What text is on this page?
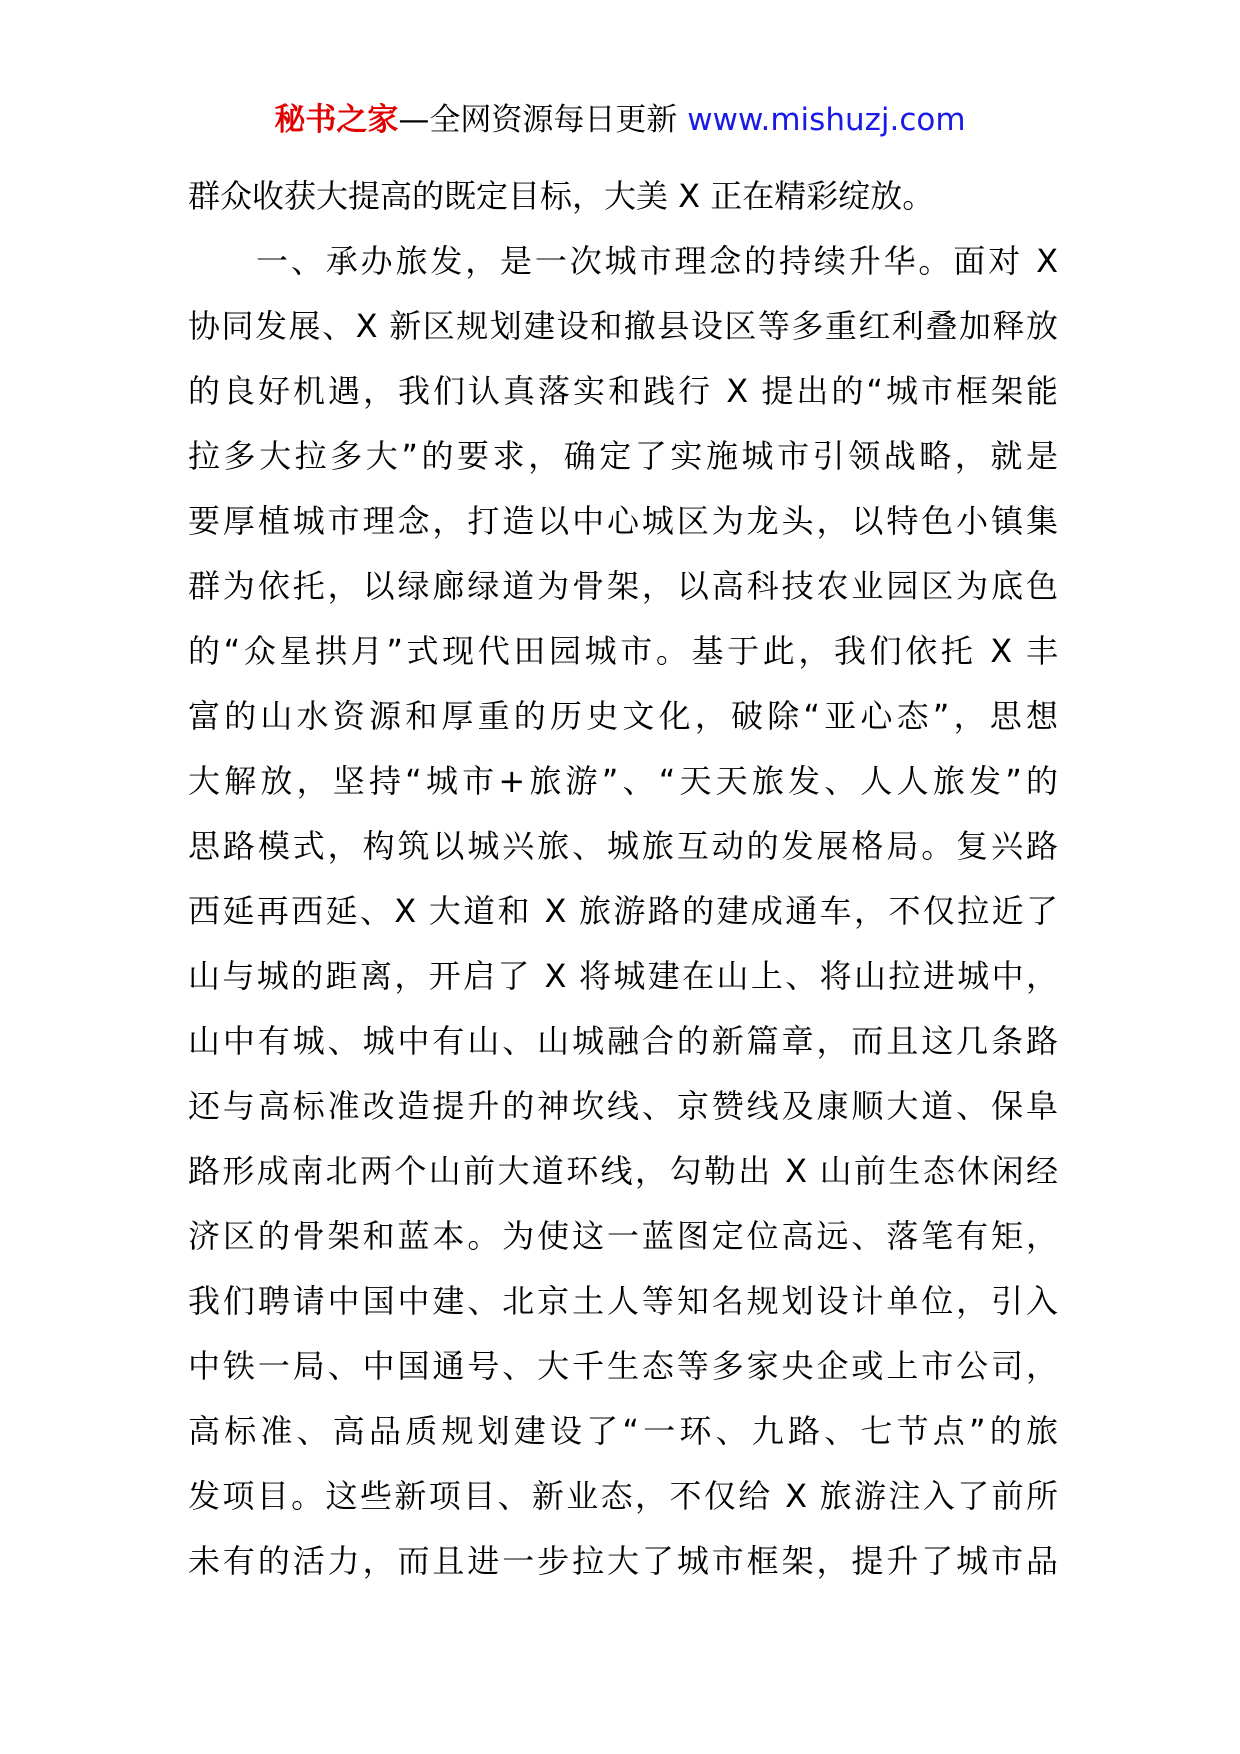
秘书之家—全网资源每日更新 www.mishuzj.com
群众收获大提高的既定目标，大美 X 正在精彩绽放。
一、承办旅发，是一次城市理念的持续升华。面对 X
协同发展、X 新区规划建设和撤县设区等多重红利叠加释放
的良好机遇，我们认真落实和践行 X 提出的“城市框架能
拉多大拉多大”的要求，确定了实施城市引领战略，就是
要厚植城市理念，打造以中心城区为龙头，以特色小镇集
群为依托，以绿廊绿道为骨架，以高科技农业园区为底色
的“众星拱月”式现代田园城市。基于此，我们依托 X 丰
富的山水资源和厚重的历史文化，破除“亚心态”，思想
大解放，坚持“城市+旅游”、“天天旅发、人人旅发”的
思路模式，构筑以城兴旅、城旅互动的发展格局。复兴路
西延再西延、X 大道和 X 旅游路的建成通车，不仅拉近了
山与城的距离，开启了 X 将城建在山上、将山拉进城中，
山中有城、城中有山、山城融合的新篇章，而且这几条路
还与高标准改造提升的神坎线、京赞线及康顺大道、保阜
路形成南北两个山前大道环线，勾勒出 X 山前生态休闲经
济区的骨架和蓝本。为使这一蓝图定位高远、落笔有矩，
我们聘请中国中建、北京土人等知名规划设计单位，引入
中铁一局、中国通号、大千生态等多家央企或上市公司，
高标准、高品质规划建设了“一环、九路、七节点”的旅
发项目。这些新项目、新业态，不仅给 X 旅游注入了前所
未有的活力，而且进一步拉大了城市框架，提升了城市品
